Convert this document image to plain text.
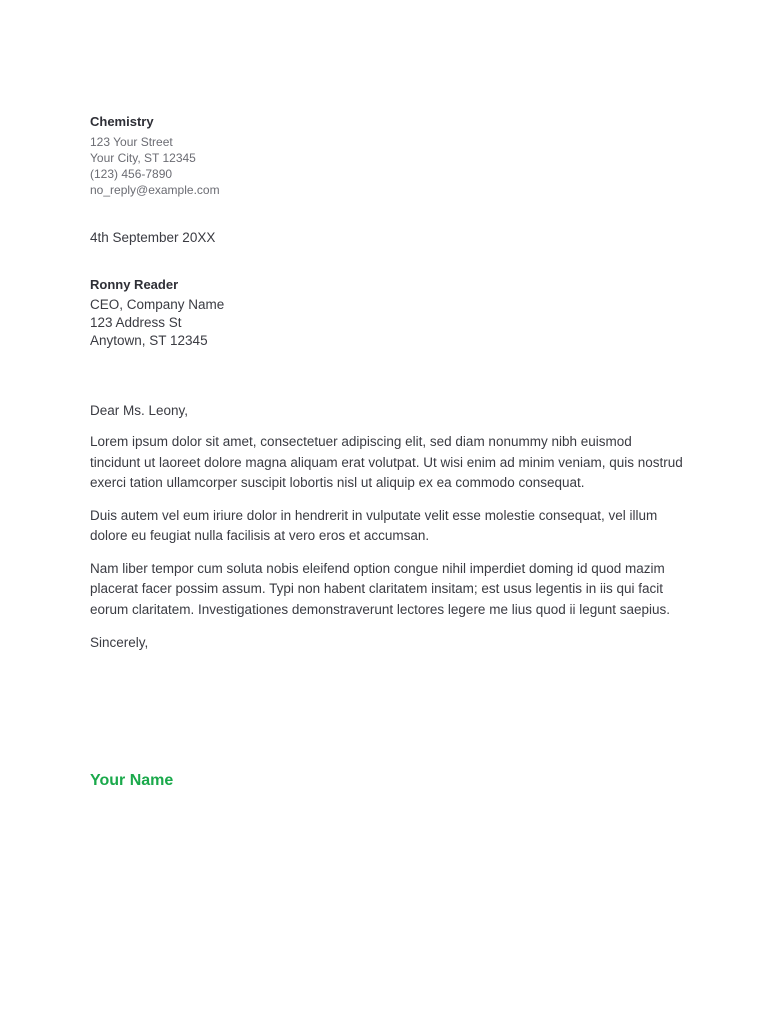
Chemistry

123 Your Street

Your City, ST 12345

(123) 456-7890

no_reply@example.com

4th September 20XX

Ronny Reader

CEO, Company Name

123 Address St

Anytown, ST 12345

Dear Ms. Leony,

Lorem ipsum dolor sit amet, consectetuer adipiscing elit, sed diam nonummy nibh euismod tincidunt ut laoreet dolore magna aliquam erat volutpat. Ut wisi enim ad minim veniam, quis nostrud exerci tation ullamcorper suscipit lobortis nisl ut aliquip ex ea commodo consequat.

Duis autem vel eum iriure dolor in hendrerit in vulputate velit esse molestie consequat, vel illum dolore eu feugiat nulla facilisis at vero eros et accumsan.

Nam liber tempor cum soluta nobis eleifend option congue nihil imperdiet doming id quod mazim placerat facer possim assum. Typi non habent claritatem insitam; est usus legentis in iis qui facit eorum claritatem. Investigationes demonstraverunt lectores legere me lius quod ii legunt saepius.

Sincerely,

Your Name
